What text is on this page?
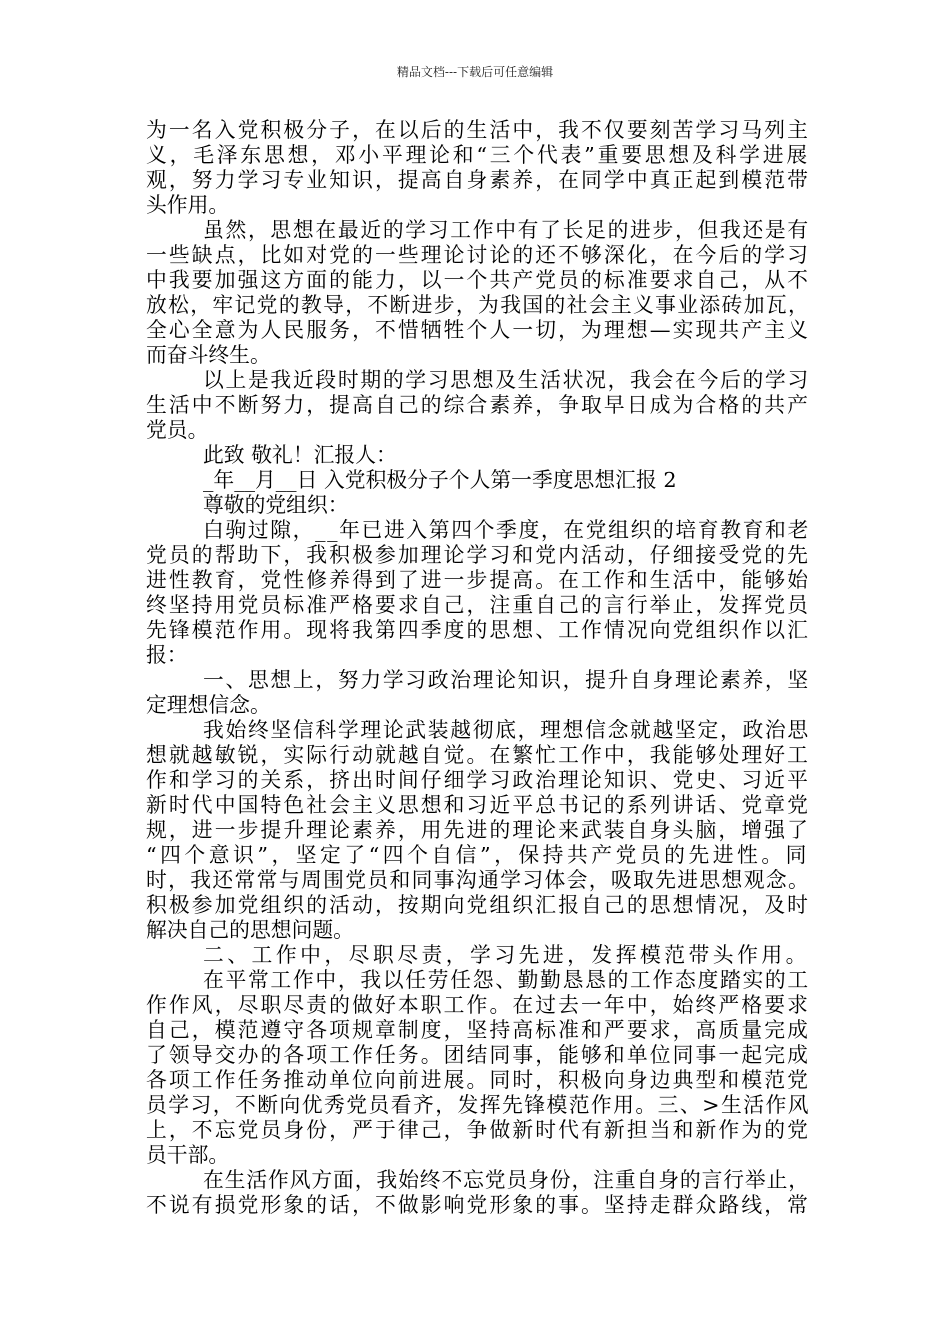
精品文档---下载后可任意编辑
为一名入党积极分子，在以后的生活中，我不仅要刻苦学习马列主
义，毛泽东思想，邓小平理论和“三个代表”重要思想及科学进展
观，努力学习专业知识，提高自身素养，在同学中真正起到模范带
头作用。
虽然，思想在最近的学习工作中有了长足的进步，但我还是有
一些缺点，比如对党的一些理论讨论的还不够深化，在今后的学习
中我要加强这方面的能力，以一个共产党员的标准要求自己，从不
放松，牢记党的教导，不断进步，为我国的社会主义事业添砖加瓦，
全心全意为人民服务，不惜牺牲个人一切，为理想—实现共产主义
而奋斗终生。
以上是我近段时期的学习思想及生活状况，我会在今后的学习
生活中不断努力，提高自己的综合素养，争取早日成为合格的共产
党员。
此致 敬礼！汇报人：
_年__月__日 入党积极分子个人第一季度思想汇报 2
尊敬的党组织：
白驹过隙，__年已进入第四个季度，在党组织的培育教育和老
党员的帮助下，我积极参加理论学习和党内活动，仔细接受党的先
进性教育，党性修养得到了进一步提高。在工作和生活中，能够始
终坚持用党员标准严格要求自己，注重自己的言行举止，发挥党员
先锋模范作用。现将我第四季度的思想、工作情况向党组织作以汇
报：
一、思想上，努力学习政治理论知识，提升自身理论素养，坚
定理想信念。
我始终坚信科学理论武装越彻底，理想信念就越坚定，政治思
想就越敏锐，实际行动就越自觉。在繁忙工作中，我能够处理好工
作和学习的关系，挤出时间仔细学习政治理论知识、党史、习近平
新时代中国特色社会主义思想和习近平总书记的系列讲话、党章党
规，进一步提升理论素养，用先进的理论来武装自身头脑，增强了
“四个意识”，坚定了“四个自信”，保持共产党员的先进性。同
时，我还常常与周围党员和同事沟通学习体会，吸取先进思想观念。
积极参加党组织的活动，按期向党组织汇报自己的思想情况，及时
解决自己的思想问题。
二、工作中，尽职尽责，学习先进，发挥模范带头作用。
在平常工作中，我以任劳任怨、勤勤恳恳的工作态度踏实的工
作作风，尽职尽责的做好本职工作。在过去一年中，始终严格要求
自己，模范遵守各项规章制度，坚持高标准和严要求，高质量完成
了领导交办的各项工作任务。团结同事，能够和单位同事一起完成
各项工作任务推动单位向前进展。同时，积极向身边典型和模范党
员学习，不断向优秀党员看齐，发挥先锋模范作用。三、>生活作风
上，不忘党员身份，严于律己，争做新时代有新担当和新作为的党
员干部。
在生活作风方面，我始终不忘党员身份，注重自身的言行举止，
不说有损党形象的话，不做影响党形象的事。坚持走群众路线，常
